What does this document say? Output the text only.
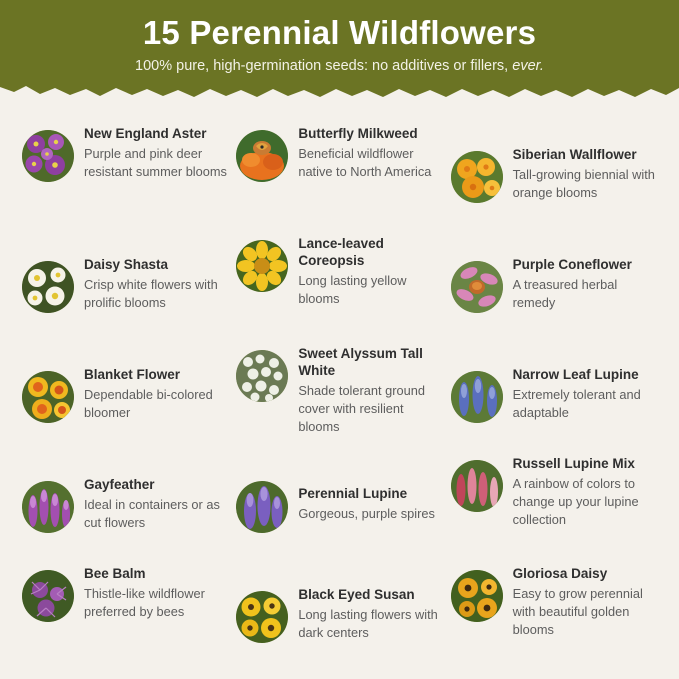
15 Perennial Wildflowers

100% pure, high-germination seeds: no additives or fillers, ever.

New England Aster
Purple and pink deer resistant summer blooms
Butterfly Milkweed
Beneficial wildflower native to North America
Siberian Wallflower
Tall-growing biennial with orange blooms
Daisy Shasta
Crisp white flowers with prolific blooms
Lance-leaved Coreopsis
Long lasting yellow blooms
Purple Coneflower
A treasured herbal remedy
Blanket Flower
Dependable bi-colored bloomer
Sweet Alyssum Tall White
Shade tolerant ground cover with resilient blooms
Narrow Leaf Lupine
Extremely tolerant and adaptable
Gayfeather
Ideal in containers or as cut flowers
Perennial Lupine
Gorgeous, purple spires
Russell Lupine Mix
A rainbow of colors to change up your lupine collection
Bee Balm
Thistle-like wildflower preferred by bees
Black Eyed Susan
Long lasting flowers with dark centers
Gloriosa Daisy
Easy to grow perennial with beautiful golden blooms
